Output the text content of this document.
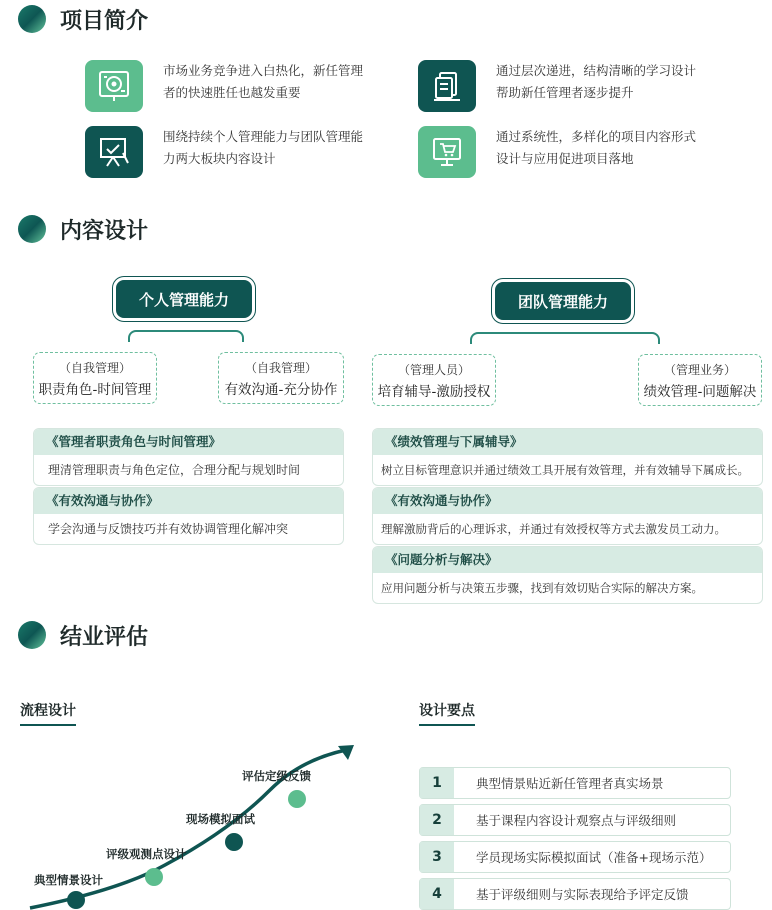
项目简介
市场业务竞争进入白热化，新任管理者的快速胜任也越发重要
通过层次递进，结构清晰的学习设计帮助新任管理者逐步提升
围绕持续个人管理能力与团队管理能力两大板块内容设计
通过系统性，多样化的项目内容形式设计与应用促进项目落地
内容设计
个人管理能力
（自我管理）
职责角色-时间管理
（自我管理）
有效沟通-充分协作
《管理者职责角色与时间管理》
理清管理职责与角色定位，合理分配与规划时间
《有效沟通与协作》
学会沟通与反馈技巧并有效协调管理化解冲突
团队管理能力
（管理人员）
培育辅导-激励授权
（管理业务）
绩效管理-问题解决
《绩效管理与下属辅导》
树立目标管理意识并通过绩效工具开展有效管理，并有效辅导下属成长。
《有效沟通与协作》
理解激励背后的心理诉求，并通过有效授权等方式去激发员工动力。
《问题分析与解决》
应用问题分析与决策五步骤，找到有效切贴合实际的解决方案。
结业评估
流程设计	设计要点
典型情景设计
评级观测点设计
现场模拟面试
评估定级反馈	1	典型情景贴近新任管理者真实场景
2	基于课程内容设计观察点与评级细则
3	学员现场实际模拟面试（准备+现场示范）
4	基于评级细则与实际表现给予评定反馈
